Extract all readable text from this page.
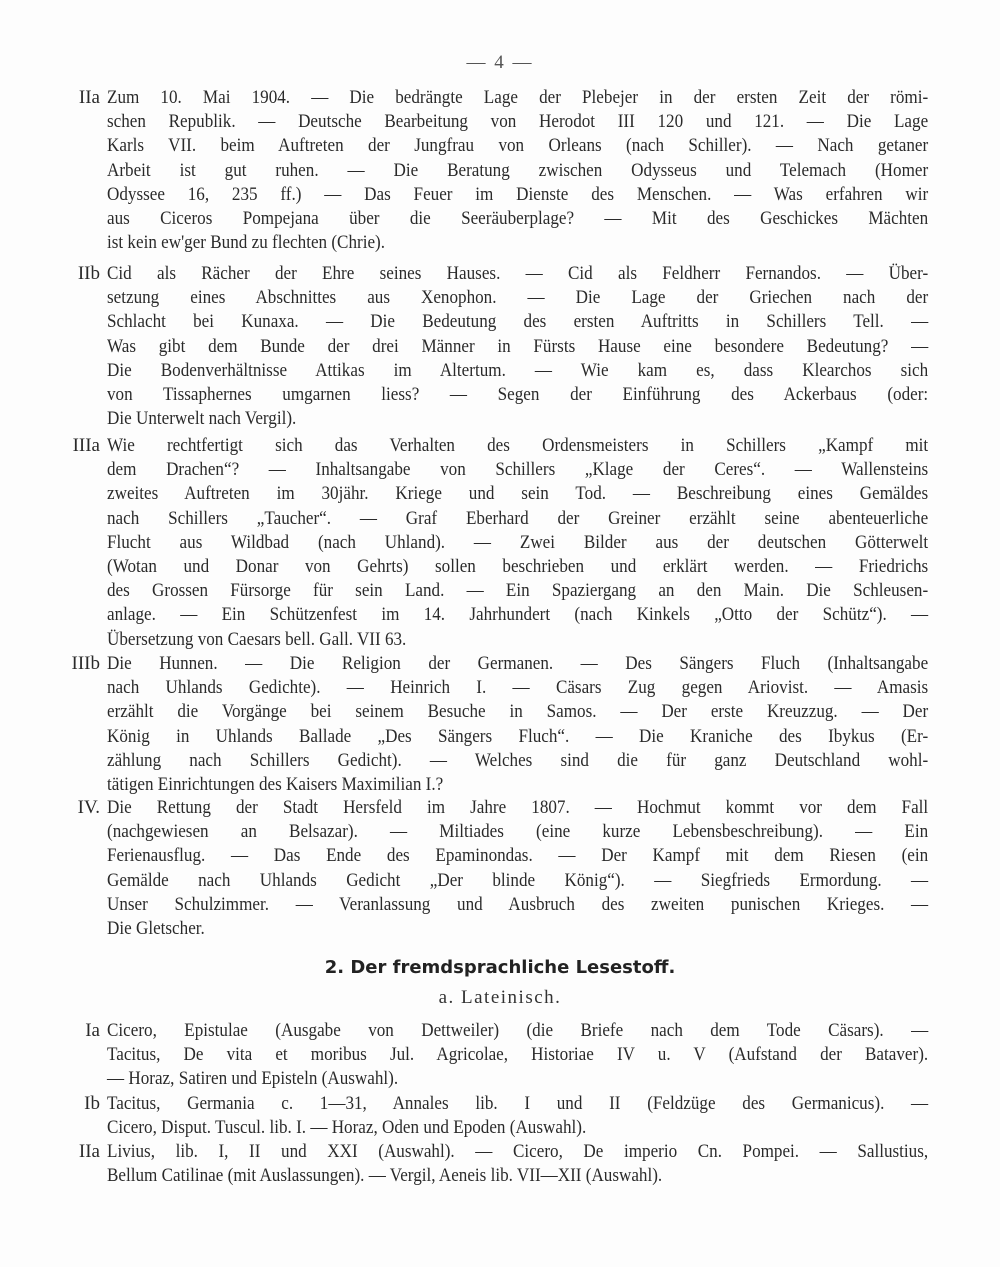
— 4 —
IIa Zum 10. Mai 1904. — Die bedrängte Lage der Plebejer in der ersten Zeit der römi-
schen Republik. — Deutsche Bearbeitung von Herodot III 120 und 121. — Die Lage
Karls VII. beim Auftreten der Jungfrau von Orleans (nach Schiller). — Nach getaner
Arbeit ist gut ruhen. — Die Beratung zwischen Odysseus und Telemach (Homer
Odyssee 16, 235 ff.) — Das Feuer im Dienste des Menschen. — Was erfahren wir
aus Ciceros Pompejana über die Seeräuberplage? — Mit des Geschickes Mächten
ist kein ew'ger Bund zu flechten (Chrie).
IIb Cid als Rächer der Ehre seines Hauses. — Cid als Feldherr Fernandos. — Über-
setzung eines Abschnittes aus Xenophon. — Die Lage der Griechen nach der
Schlacht bei Kunaxa. — Die Bedeutung des ersten Auftritts in Schillers Tell. —
Was gibt dem Bunde der drei Männer in Fürsts Hause eine besondere Bedeutung? —
Die Bodenverhältnisse Attikas im Altertum. — Wie kam es, dass Klearchos sich
von Tissaphernes umgarnen liess? — Segen der Einführung des Ackerbaus (oder:
Die Unterwelt nach Vergil).
IIIa Wie rechtfertigt sich das Verhalten des Ordensmeisters in Schillers „Kampf mit
dem Drachen“? — Inhaltsangabe von Schillers „Klage der Ceres“. — Wallensteins
zweites Auftreten im 30jähr. Kriege und sein Tod. — Beschreibung eines Gemäldes
nach Schillers „Taucher“. — Graf Eberhard der Greiner erzählt seine abenteuerliche
Flucht aus Wildbad (nach Uhland). — Zwei Bilder aus der deutschen Götterwelt
(Wotan und Donar von Gehrts) sollen beschrieben und erklärt werden. — Friedrichs
des Grossen Fürsorge für sein Land. — Ein Spaziergang an den Main. Die Schleusen-
anlage. — Ein Schützenfest im 14. Jahrhundert (nach Kinkels „Otto der Schütz“). —
Übersetzung von Caesars bell. Gall. VII 63.
IIIb Die Hunnen. — Die Religion der Germanen. — Des Sängers Fluch (Inhaltsangabe
nach Uhlands Gedichte). — Heinrich I. — Cäsars Zug gegen Ariovist. — Amasis
erzählt die Vorgänge bei seinem Besuche in Samos. — Der erste Kreuzzug. — Der
König in Uhlands Ballade „Des Sängers Fluch“. — Die Kraniche des Ibykus (Er-
zählung nach Schillers Gedicht). — Welches sind die für ganz Deutschland wohl-
tätigen Einrichtungen des Kaisers Maximilian I.?
IV. Die Rettung der Stadt Hersfeld im Jahre 1807. — Hochmut kommt vor dem Fall
(nachgewiesen an Belsazar). — Miltiades (eine kurze Lebensbeschreibung). — Ein
Ferienausflug. — Das Ende des Epaminondas. — Der Kampf mit dem Riesen (ein
Gemälde nach Uhlands Gedicht „Der blinde König“). — Siegfrieds Ermordung. —
Unser Schulzimmer. — Veranlassung und Ausbruch des zweiten punischen Krieges. —
Die Gletscher.
2. Der fremdsprachliche Lesestoff.
a. Lateinisch.
Ia Cicero, Epistulae (Ausgabe von Dettweiler) (die Briefe nach dem Tode Cäsars). —
Tacitus, De vita et moribus Jul. Agricolae, Historiae IV u. V (Aufstand der Bataver).
— Horaz, Satiren und Episteln (Auswahl).
Ib Tacitus, Germania c. 1—31, Annales lib. I und II (Feldzüge des Germanicus). —
Cicero, Disput. Tuscul. lib. I. — Horaz, Oden und Epoden (Auswahl).
IIa Livius, lib. I, II und XXI (Auswahl). — Cicero, De imperio Cn. Pompei. — Sallustius,
Bellum Catilinae (mit Auslassungen). — Vergil, Aeneis lib. VII—XII (Auswahl).
